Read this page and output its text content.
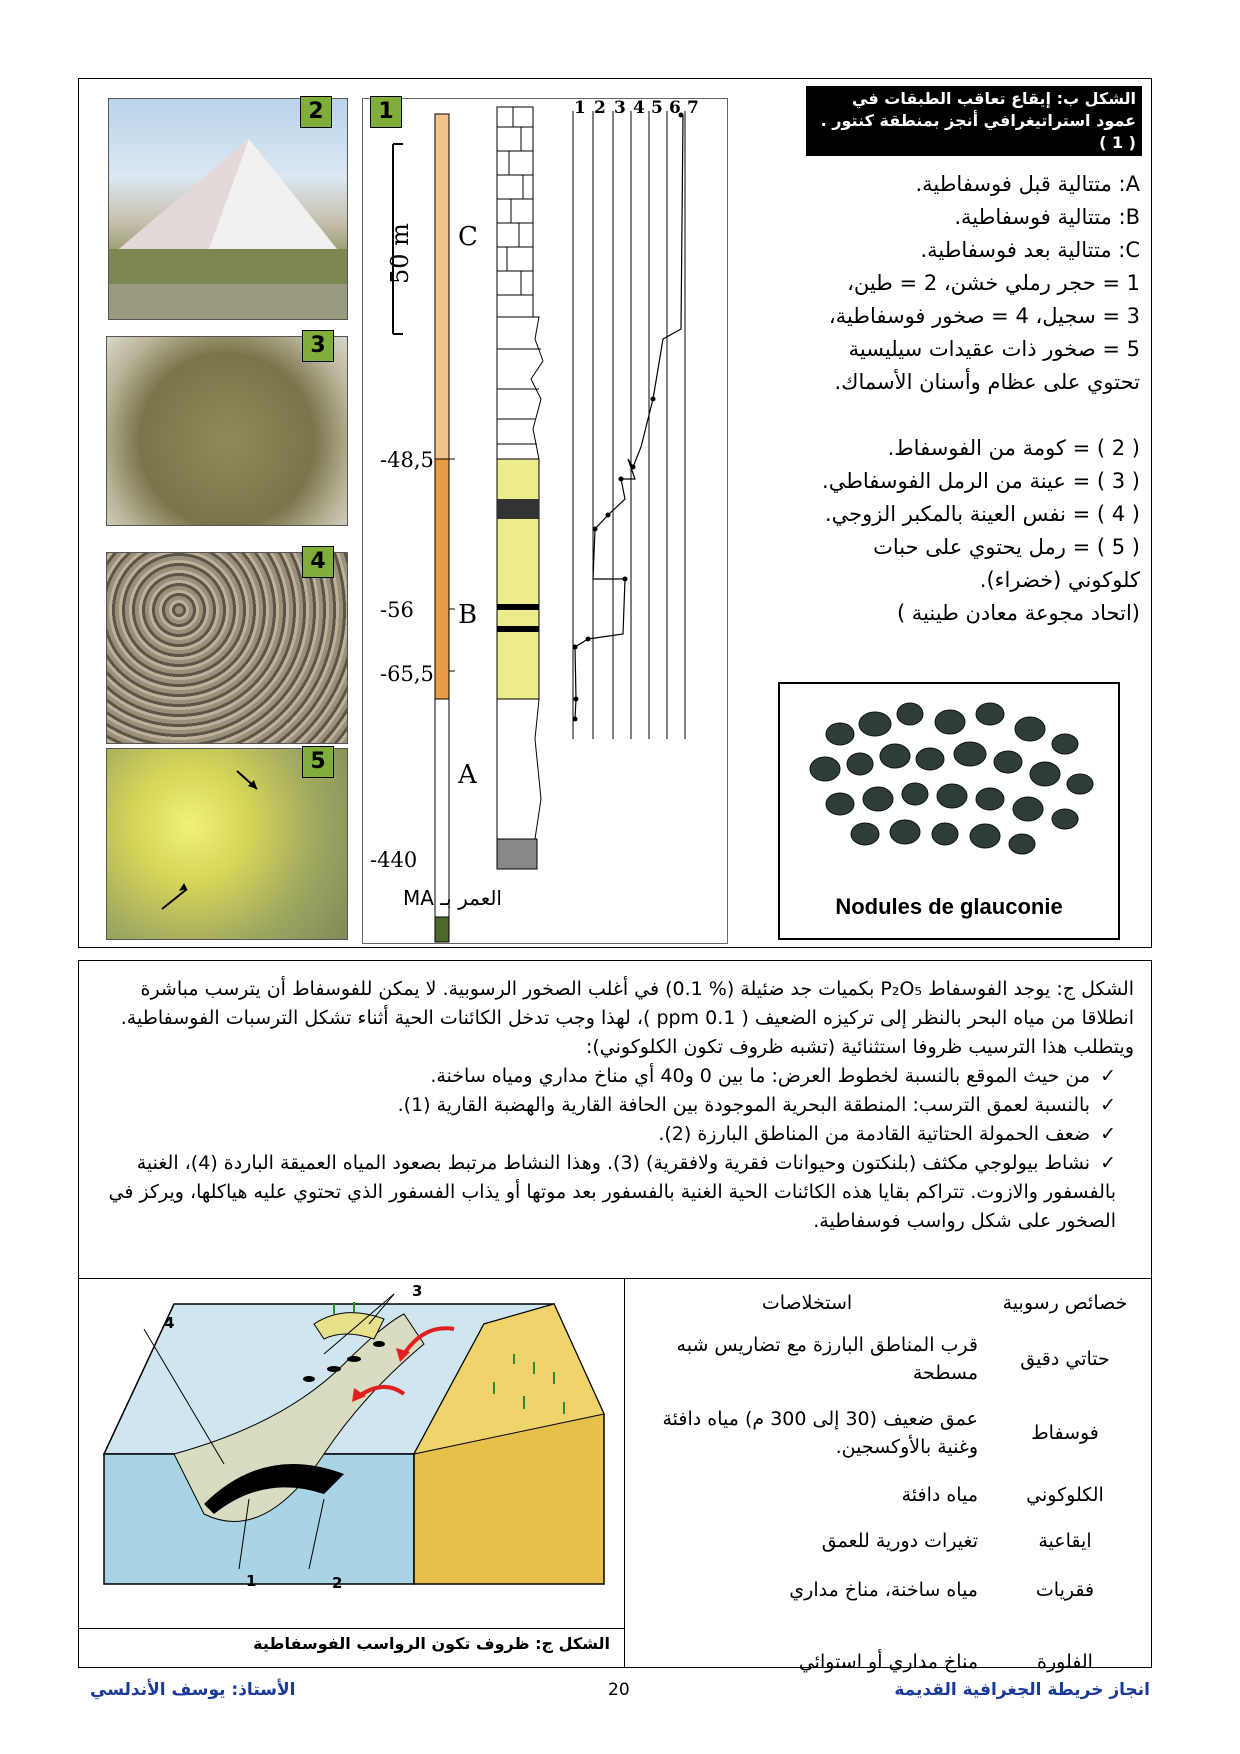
2
3
4
5
1
50 m C
B
A
-48,5
-56
-65,5
-440
العمر بـ MA
1 2 3 4 5 6 7	الشكل ب: إيقاع تعاقب الطبقات في عمود استراتيغرافي أنجز بمنطقة كنتور . ( 1 )

A: متتالية قبل فوسفاطية.

B: متتالية فوسفاطية.

C: متتالية بعد فوسفاطية.

1 = حجر رملي خشن، 2 = طين،

3 = سجيل، 4 = صخور فوسفاطية،

5 = صخور ذات عقيدات سيليسية

تحتوي على عظام وأسنان الأسماك.

( 2 ) = كومة من الفوسفاط.

( 3 ) = عينة من الرمل الفوسفاطي.

( 4 ) = نفس العينة بالمكبر الزوجي.

( 5 ) = رمل يحتوي على حبات

كلوكوني (خضراء).

(اتحاد مجوعة معادن طينية )

Nodules de glauconie
الشكل ج: يوجد الفوسفاط P₂O₅ بكميات جد ضئيلة (% 0.1) في أغلب الصخور الرسوبية. لا يمكن للفوسفاط أن يترسب مباشرة انطلاقا من مياه البحر بالنظر إلى تركيزه الضعيف ( 0.1 ppm )، لهذا وجب تدخل الكائنات الحية أثناء تشكل الترسبات الفوسفاطية. ويتطلب هذا الترسيب ظروفا استثنائية (تشبه ظروف تكون الكلوكوني):
✓ من حيث الموقع بالنسبة لخطوط العرض: ما بين 0 و40 أي مناخ مداري ومياه ساخنة.
✓ بالنسبة لعمق الترسب: المنطقة البحرية الموجودة بين الحافة القارية والهضبة القارية (1).
✓ ضعف الحمولة الحتاتية القادمة من المناطق البارزة (2).
✓ نشاط بيولوجي مكثف (بلنكتون وحيوانات فقرية ولافقرية) (3). وهذا النشاط مرتبط بصعود المياه العميقة الباردة (4)، الغنية بالفسفور والازوت. تتراكم بقايا هذه الكائنات الحية الغنية بالفسفور بعد موتها أو يذاب الفسفور الذي تحتوي عليه هياكلها، ويركز في الصخور على شكل رواسب فوسفاطية.
4
3
1	2
الشكل ج: ظروف تكون الرواسب الفوسفاطية
خصائص رسوبية	استخلاصات
حتاتي دقيق	قرب المناطق البارزة مع تضاريس شبه مسطحة
فوسفاط	عمق ضعيف (30 إلى 300 م) مياه دافئة وغنية بالأوكسجين.
الكلوكوني	مياه دافئة
ايقاعية	تغيرات دورية للعمق
فقريات	مياه ساخنة، مناخ مداري
الفلورة	مناخ مداري أو استوائي
انجاز خريطة الجغرافية القديمة
20
الأستاذ: يوسف الأندلسي
